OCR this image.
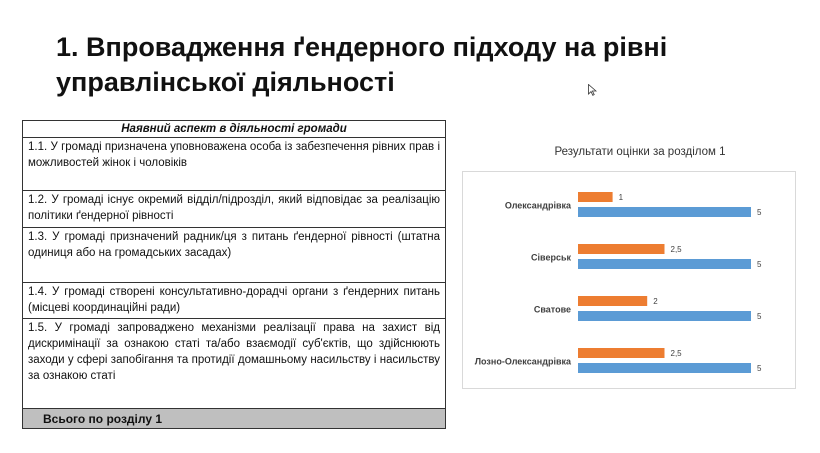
1. Впровадження ґендерного підходу на рівні управлінської діяльності
Наявний аспект в діяльності громади
1.1. У громаді призначена уповноважена особа із забезпечення рівних прав і можливостей жінок і чоловіків
1.2. У громаді існує окремий відділ/підрозділ, який відповідає за реалізацію політики ґендерної рівності
1.3. У громаді призначений радник/ця з питань ґендерної рівності (штатна одиниця або на громадських засадах)
1.4. У громаді створені консультативно-дорадчі органи з ґендерних питань (місцеві координаційні ради)
1.5. У громаді запроваджено механізми реалізації права на захист від дискримінації за ознакою статі та/або взаємодії суб'єктів, що здійснюють заходи у сфері запобігання та протидії домашньому насильству і насильству за ознакою статі
Всього по розділу 1
Результати оцінки за розділом 1
Олександрівка
1
5
Сіверськ
2,5
5
Сватове
2
5
Лозно-Олександрівка
2,5
5
